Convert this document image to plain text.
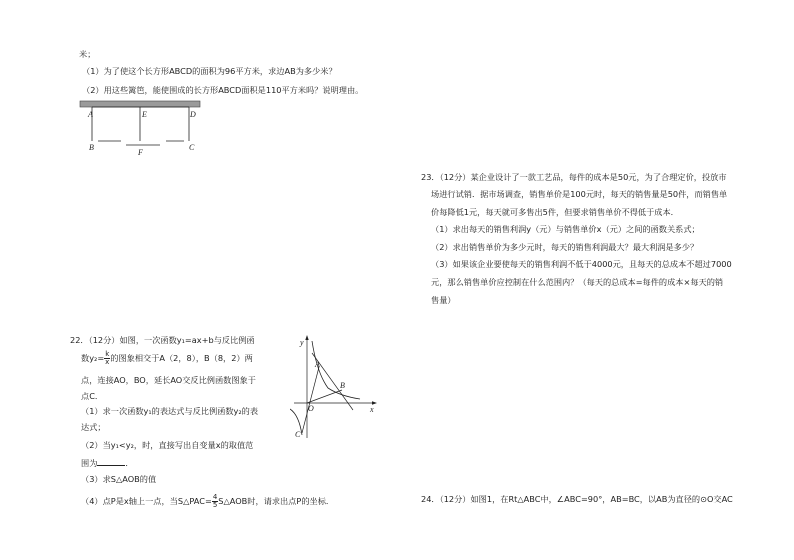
米；
（1）为了使这个长方形ABCD的面积为96平方米，求边AB为多少米？
（2）用这些篱笆，能使围成的长方形ABCD面积是110平方米吗？说明理由。
A	E	D
B
F
C
23．（12分）某企业设计了一款工艺品，每件的成本是50元，为了合理定价，投放市
场进行试销．据市场调查，销售单价是100元时，每天的销售量是50件，而销售单
价每降低1元，每天就可多售出5件，但要求销售单价不得低于成本．
（1）求出每天的销售利润y（元）与销售单价x（元）之间的函数关系式；
（2）求出销售单价为多少元时，每天的销售利润最大？最大利润是多少？
（3）如果该企业要使每天的销售利润不低于4000元，且每天的总成本不超过7000
元，那么销售单价应控制在什么范围内？（每天的总成本=每件的成本×每天的销
售量）
22．（12分）如图，一次函数y₁=ax+b与反比例函
数$y_2= \frac{k}{x}$ 的图象相交于A（2，8），B（8，2）两
点，连接AO，BO，延长AO交反比例函数图象于
点C．
（1）求一次函数y₁的表达式与反比例函数y₂的表
达式；
（2）当y₁<y₂，时，直接写出自变量x的取值范
围为	．
（3）求S△AOB的值
（4）点P是x轴上一点，当S△PAC= $\frac{4}{5}$ S△AOB时，请求出点P的坐标．
y
x
O
A
B
C
24．（12分）如图1，在Rt△ABC中，∠ABC=90°，AB=BC，以AB为直径的⊙O交AC
